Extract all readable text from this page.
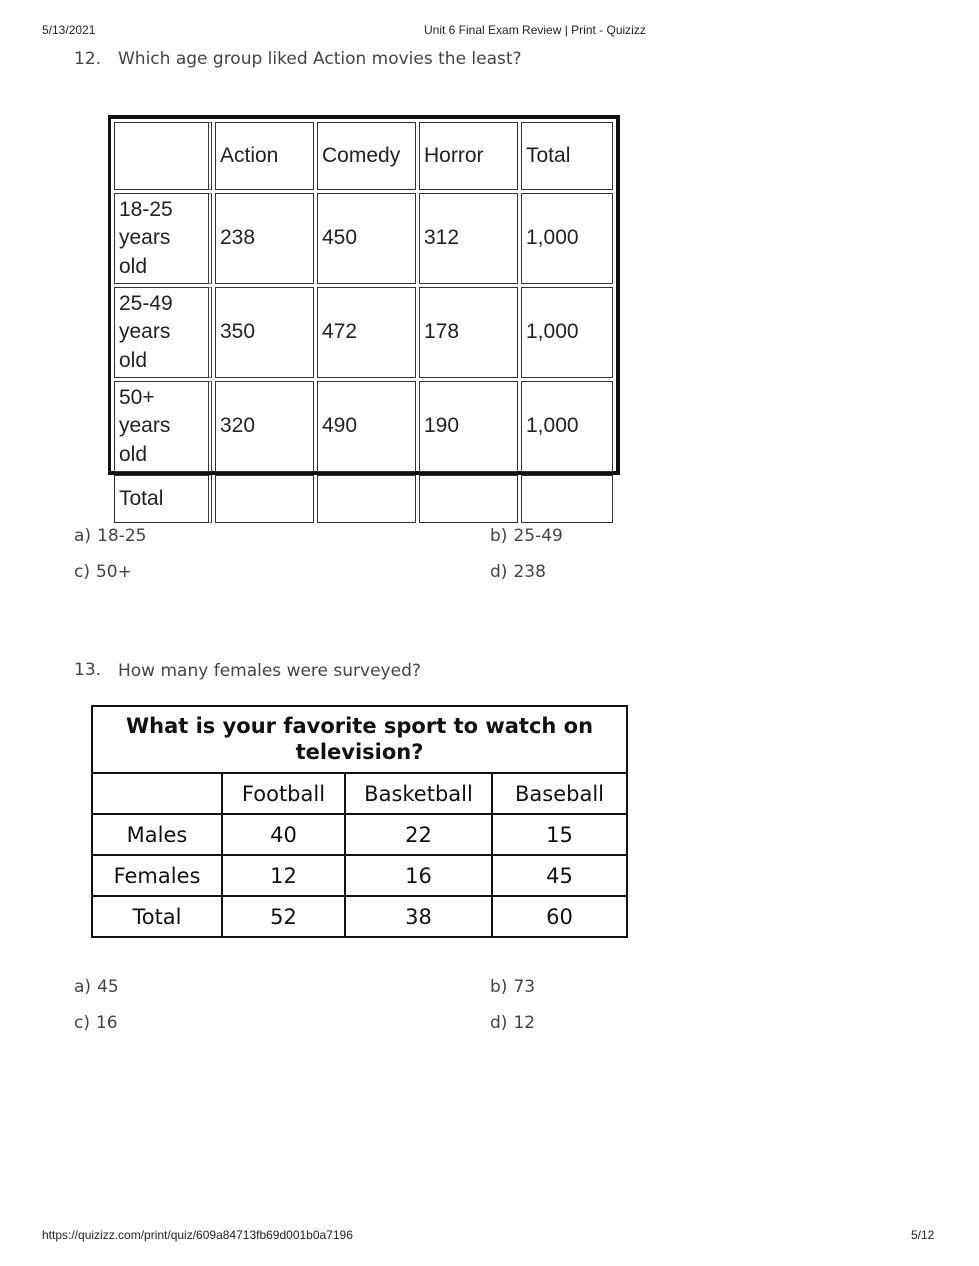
5/13/2021	Unit 6 Final Exam Review | Print - Quizizz
12. Which age group liked Action movies the least?
	Action	Comedy	Horror	Total
18-25 years old	238	450	312	1,000
25-49 years old	350	472	178	1,000
50+ years old	320	490	190	1,000
Total				
a) 18-25	b) 25-49
c) 50+	d) 238
13. How many females were surveyed?
What is your favorite sport to watch on television?			
	Football	Basketball	Baseball
Males	40	22	15
Females	12	16	45
Total	52	38	60
a) 45	b) 73
c) 16	d) 12
https://quizizz.com/print/quiz/609a84713fb69d001b0a7196	5/12
